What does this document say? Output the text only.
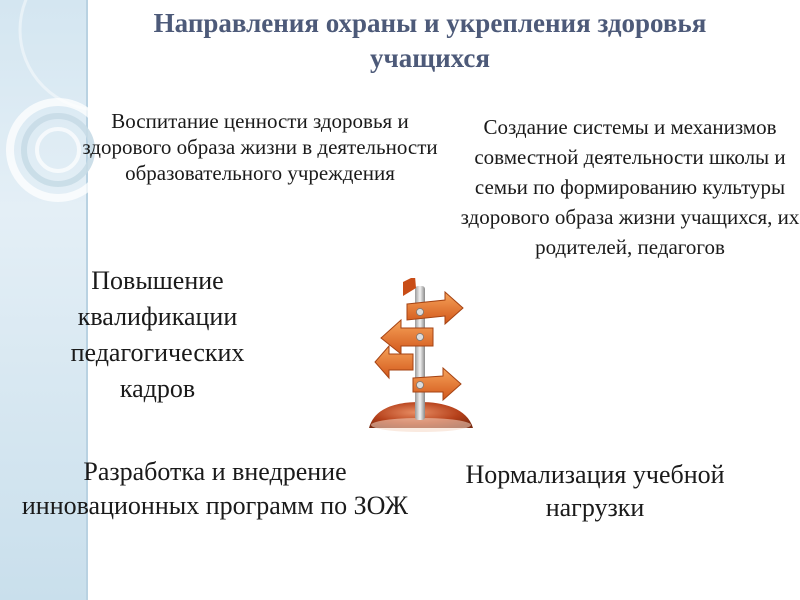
Направления охраны и укрепления здоровья учащихся

Воспитание ценности здоровья и здорового образа жизни в деятельности образовательного учреждения

Создание системы и механизмов совместной деятельности школы и семьи по формированию культуры здорового образа жизни учащихся, их родителей, педагогов

Повышение квалификации педагогических кадров

Разработка и внедрение инновационных программ по ЗОЖ

Нормализация учебной нагрузки
